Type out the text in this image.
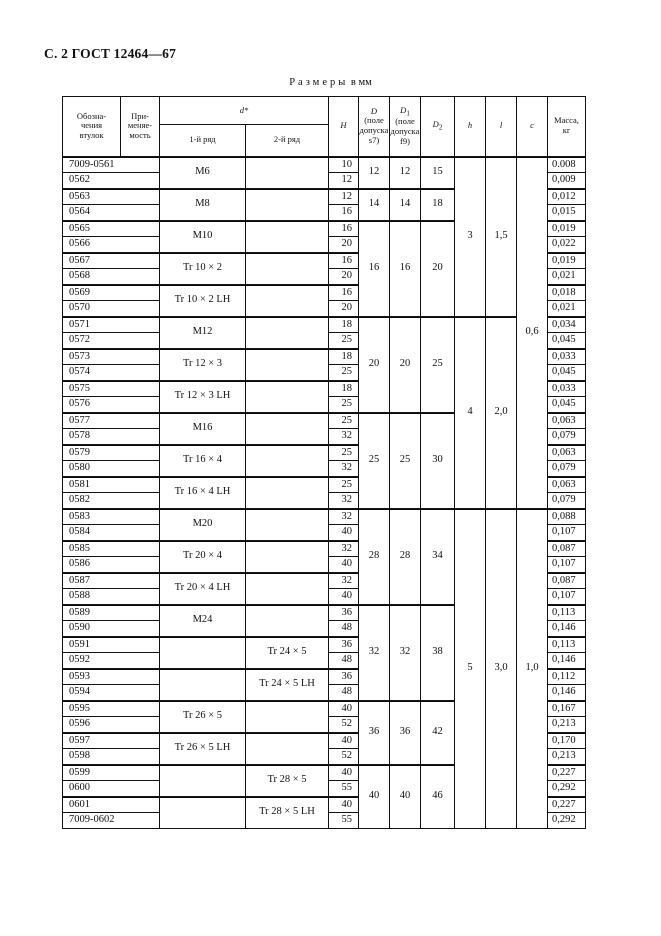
С. 2 ГОСТ 12464—67
Размеры в мм
Обозна-
чения
втулок	При-
меняе-
мость	d*		H	D
(поле
допуска
s7)	$D_1$
(поле
допуска
f9)	$D_2$	h	l	c	Масса,
кг
		1-й ряд	2-й ряд								
7009-0561		M6		10	12	12	15	3	1,5	0,6	0.008
0562				12							0,009
0563		M8		12	14	14	18				0,012
0564				16							0,015
0565		M10		16	16	16	20				0,019
0566				20							0,022
0567		Tr 10 × 2		16							0,019
0568				20							0,021
0569		Tr 10 × 2 LH		16							0,018
0570				20							0,021
0571		M12		18	20	20	25	4	2,0		0,034
0572				25							0,045
0573		Tr 12 × 3		18							0,033
0574				25							0,045
0575		Tr 12 × 3 LH		18							0,033
0576				25							0,045
0577		M16		25	25	25	30				0,063
0578				32							0,079
0579		Tr 16 × 4		25							0,063
0580				32							0,079
0581		Tr 16 × 4 LH		25							0,063
0582				32							0,079
0583		M20		32	28	28	34	5	3,0	1,0	0,088
0584				40							0,107
0585		Tr 20 × 4		32							0,087
0586				40							0,107
0587		Tr 20 × 4 LH		32							0,087
0588				40							0,107
0589		M24		36	32	32	38				0,113
0590				48							0,146
0591			Tr 24 × 5	36							0,113
0592				48							0,146
0593			Tr 24 × 5 LH	36							0,112
0594				48							0,146
0595		Tr 26 × 5		40	36	36	42				0,167
0596				52							0,213
0597		Tr 26 × 5 LH		40							0,170
0598				52							0,213
0599			Tr 28 × 5	40	40	40	46				0,227
0600				55							0,292
0601			Tr 28 × 5 LH	40							0,227
7009-0602				55							0,292
